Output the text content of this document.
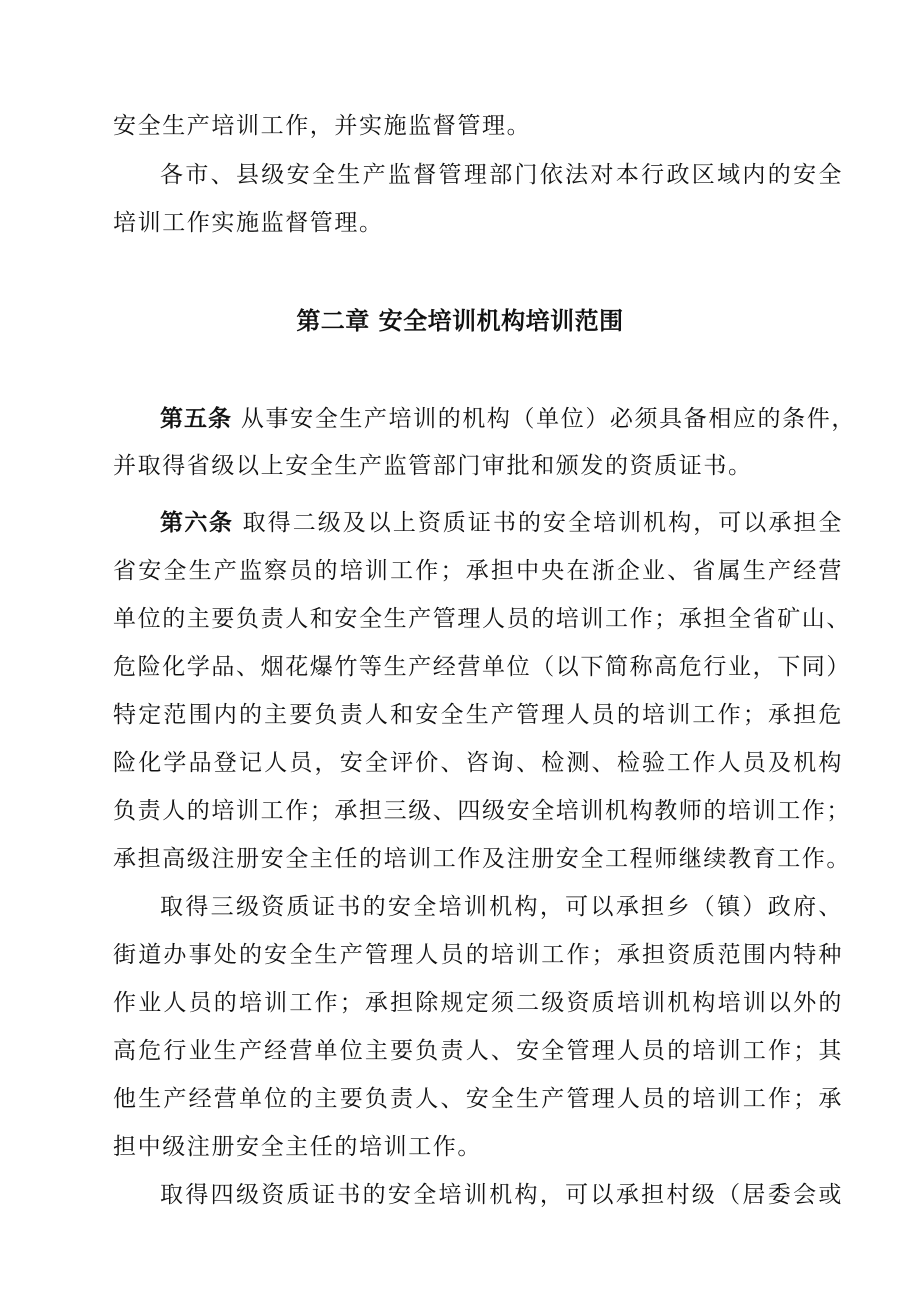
安全生产培训工作，并实施监督管理。
各市、县级安全生产监督管理部门依法对本行政区域内的安全
培训工作实施监督管理。
第二章 安全培训机构培训范围
第五条 从事安全生产培训的机构（单位）必须具备相应的条件，
并取得省级以上安全生产监管部门审批和颁发的资质证书。
第六条 取得二级及以上资质证书的安全培训机构，可以承担全
省安全生产监察员的培训工作；承担中央在浙企业、省属生产经营
单位的主要负责人和安全生产管理人员的培训工作；承担全省矿山、
危险化学品、烟花爆竹等生产经营单位（以下简称高危行业，下同）
特定范围内的主要负责人和安全生产管理人员的培训工作；承担危
险化学品登记人员，安全评价、咨询、检测、检验工作人员及机构
负责人的培训工作；承担三级、四级安全培训机构教师的培训工作；
承担高级注册安全主任的培训工作及注册安全工程师继续教育工作。
取得三级资质证书的安全培训机构，可以承担乡（镇）政府、
街道办事处的安全生产管理人员的培训工作；承担资质范围内特种
作业人员的培训工作；承担除规定须二级资质培训机构培训以外的
高危行业生产经营单位主要负责人、安全管理人员的培训工作；其
他生产经营单位的主要负责人、安全生产管理人员的培训工作；承
担中级注册安全主任的培训工作。
取得四级资质证书的安全培训机构，可以承担村级（居委会或
